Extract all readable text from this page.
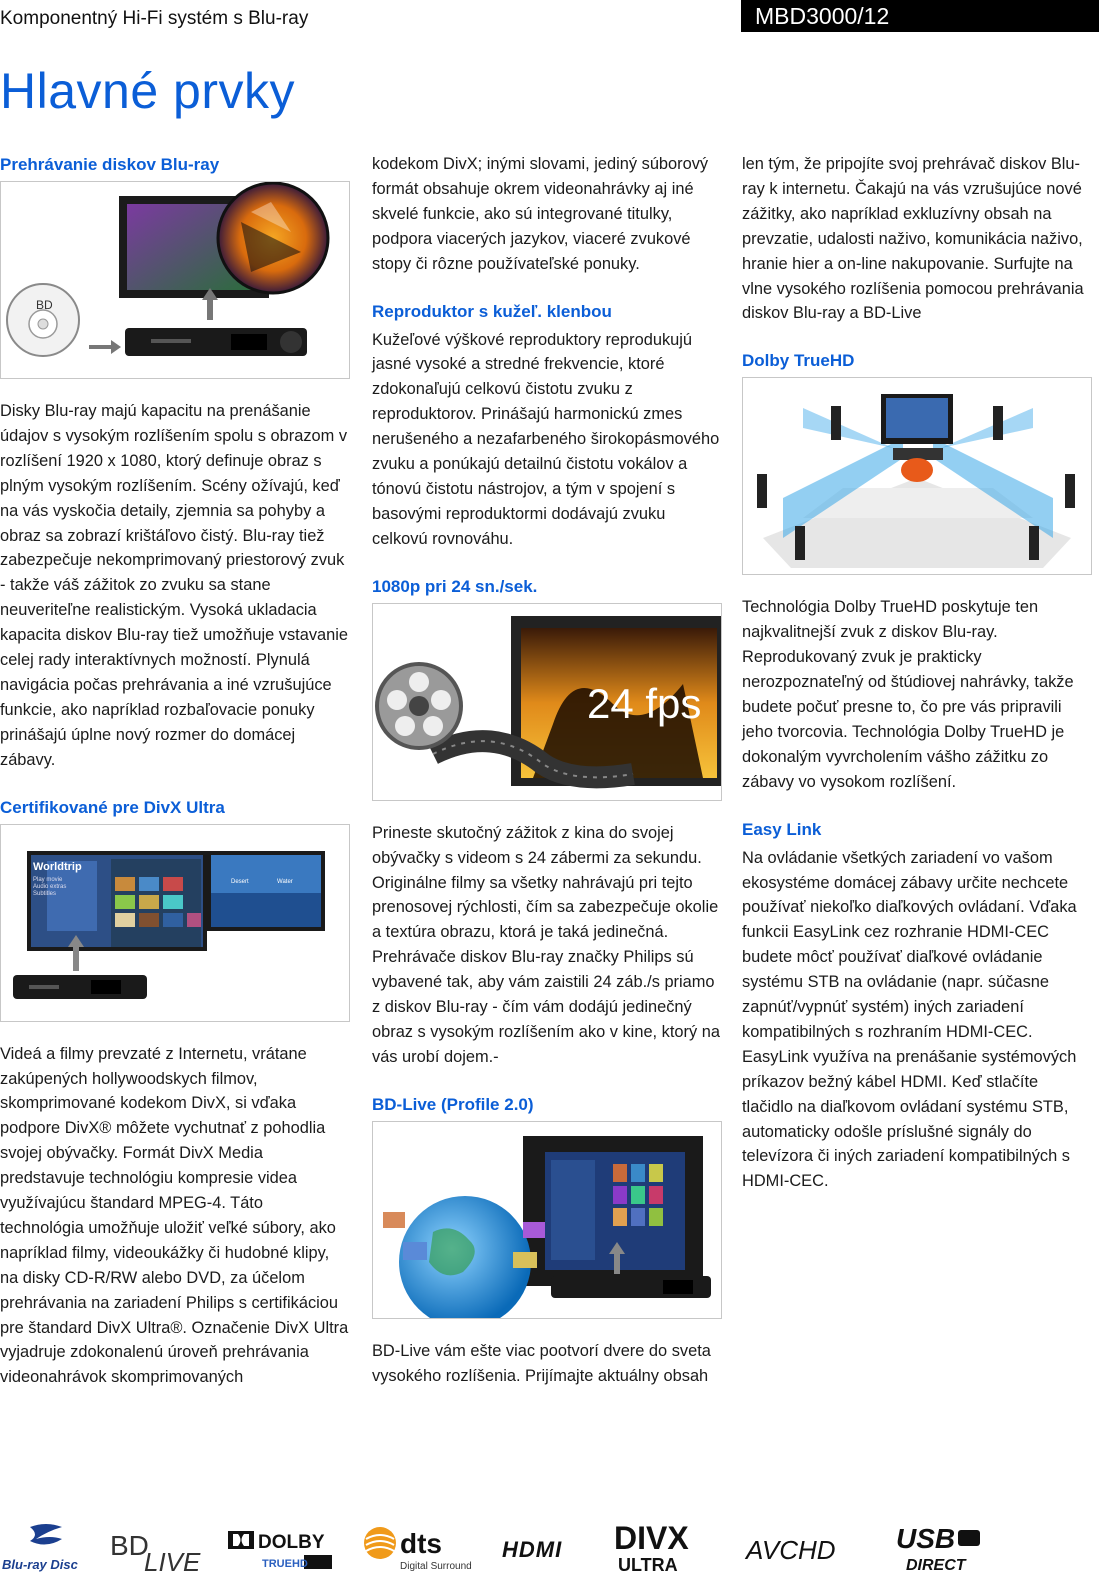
Komponentný Hi-Fi systém s Blu-ray	MBD3000/12
Hlavné prvky
Prehrávanie diskov Blu-ray
BD

Disky Blu-ray majú kapacitu na prenášanie údajov s vysokým rozlíšením spolu s obrazom v rozlíšení 1920 x 1080, ktorý definuje obraz s plným vysokým rozlíšením. Scény ožívajú, keď na vás vyskočia detaily, zjemnia sa pohyby a obraz sa zobrazí krištáľovo čistý. Blu-ray tiež zabezpečuje nekomprimovaný priestorový zvuk - takže váš zážitok zo zvuku sa stane neuveriteľne realistickým. Vysoká ukladacia kapacita diskov Blu-ray tiež umožňuje vstavanie celej rady interaktívnych možností. Plynulá navigácia počas prehrávania a iné vzrušujúce funkcie, ako napríklad rozbaľovacie ponuky prinášajú úplne nový rozmer do domácej zábavy.

Certifikované pre DivX Ultra
Worldtrip
Play movie
Audio extras
Subtitles
Desert	Water

Videá a filmy prevzaté z Internetu, vrátane zakúpených hollywoodskych filmov, skomprimované kodekom DivX, si vďaka podpore DivX® môžete vychutnať z pohodlia svojej obývačky. Formát DivX Media predstavuje technológiu kompresie videa využívajúcu štandard MPEG-4. Táto technológia umožňuje uložiť veľké súbory, ako napríklad filmy, videoukážky či hudobné klipy, na disky CD-R/RW alebo DVD, za účelom prehrávania na zariadení Philips s certifikáciou pre štandard DivX Ultra®. Označenie DivX Ultra vyjadruje zdokonalenú úroveň prehrávania videonahrávok skomprimovaných

kodekom DivX; inými slovami, jediný súborový formát obsahuje okrem videonahrávky aj iné skvelé funkcie, ako sú integrované titulky, podpora viacerých jazykov, viaceré zvukové stopy či rôzne používateľské ponuky.

Reproduktor s kužeľ. klenbou

Kužeľové výškové reproduktory reprodukujú jasné vysoké a stredné frekvencie, ktoré zdokonaľujú celkovú čistotu zvuku z reproduktorov. Prinášajú harmonickú zmes nerušeného a nezafarbeného širokopásmového zvuku a ponúkajú detailnú čistotu vokálov a tónovú čistotu nástrojov, a tým v spojení s basovými reproduktormi dodávajú zvuku celkovú rovnováhu.

1080p pri 24 sn./sek.
24 fps

Prineste skutočný zážitok z kina do svojej obývačky s videom s 24 zábermi za sekundu. Originálne filmy sa všetky nahrávajú pri tejto prenosovej rýchlosti, čím sa zabezpečuje okolie a textúra obrazu, ktorá je taká jedinečná. Prehrávače diskov Blu-ray značky Philips sú vybavené tak, aby vám zaistili 24 záb./s priamo z diskov Blu-ray - čím vám dodájú jedinečný obraz s vysokým rozlíšením ako v kine, ktorý na vás urobí dojem.-

BD-Live (Profile 2.0)

BD-Live vám ešte viac pootvorí dvere do sveta vysokého rozlíšenia. Prijímajte aktuálny obsah

len tým, že pripojíte svoj prehrávač diskov Blu-ray k internetu. Čakajú na vás vzrušujúce nové zážitky, ako napríklad exkluzívny obsah na prevzatie, udalosti naživo, komunikácia naživo, hranie hier a on-line nakupovanie. Surfujte na vlne vysokého rozlíšenia pomocou prehrávania diskov Blu-ray a BD-Live

Dolby TrueHD

Technológia Dolby TrueHD poskytuje ten najkvalitnejší zvuk z diskov Blu-ray. Reprodukovaný zvuk je prakticky nerozpoznateľný od štúdiovej nahrávky, takže budete počuť presne to, čo pre vás pripravili jeho tvorcovia. Technológia Dolby TrueHD je dokonalým vyvrcholením vášho zážitku zo zábavy vo vysokom rozlíšení.

Easy Link

Na ovládanie všetkých zariadení vo vašom ekosystéme domácej zábavy určite nechcete používať niekoľko diaľkových ovládaní. Vďaka funkcii EasyLink cez rozhranie HDMI-CEC budete môcť používať diaľkové ovládanie systému STB na ovládanie (napr. súčasne zapnúť/vypnúť systém) iných zariadení kompatibilných s rozhraním HDMI-CEC. EasyLink využíva na prenášanie systémových príkazov bežný kábel HDMI. Keď stlačíte tlačidlo na diaľkovom ovládaní systému STB, automaticky odošle príslušné signály do televízora či iných zariadení kompatibilných s HDMI-CEC.

Blu-ray Disc
BD
LIVE
DOLBY
TRUEHD
dts
Digital Surround
HDMI DIVX
ULTRA	AVCHD USB
DIRECT
